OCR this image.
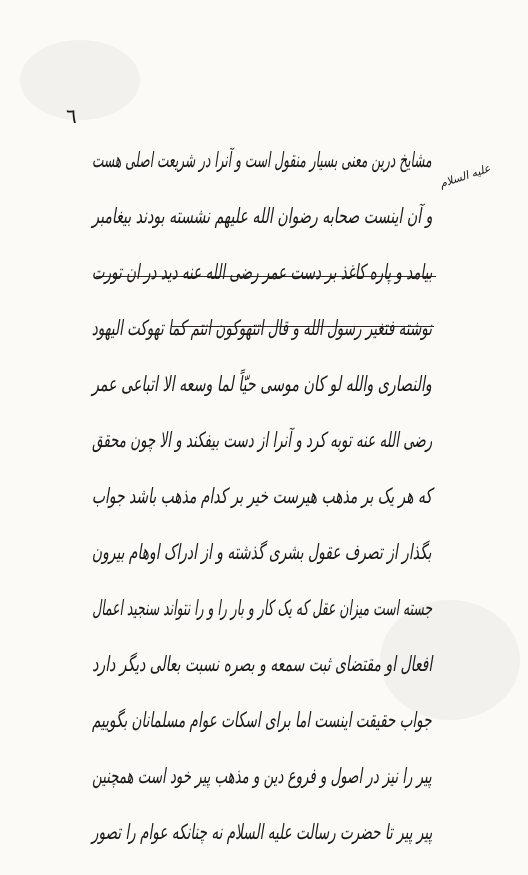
٦
علیه السلام
مشایخ درین معنی بسیار منقول است و آنرا در شریعت اصلی هست
و آن اینست صحابه رضوان الله علیهم نشسته بودند بیغامبر
بیامد و پاره کاغذ بر دست عمر رضی الله عنه دید در ان تورت
نوشته فتغیر رسول الله و قال اتتهوکون انتم کما تهوکت الیهود
والنصاری والله لو کان موسی حیّاً لما وسعه الا اتباعی عمر
رضی الله عنه توبه کرد و آنرا از دست بیفکند و الا چون محقق
که هر یک بر مذهب هیرست خیر بر کدام مذهب باشد جواب
بگذار از تصرف عقول بشری گذشته و از ادراک اوهام بیرون
جسته است میزان عقل که یک کار و بار را و را نتواند سنجید اعمال
افعال او مقتضای ثبت سمعه و بصره نسبت بعالی دیگر دارد
جواب حقیقت اینست اما برای اسکات عوام مسلمانان بگوییم
پیر را نیز در اصول و فروع دین و مذهب پیر خود است همچنین
پیر پیر تا حضرت رسالت علیه السلام نه چنانکه عوام را تصور
